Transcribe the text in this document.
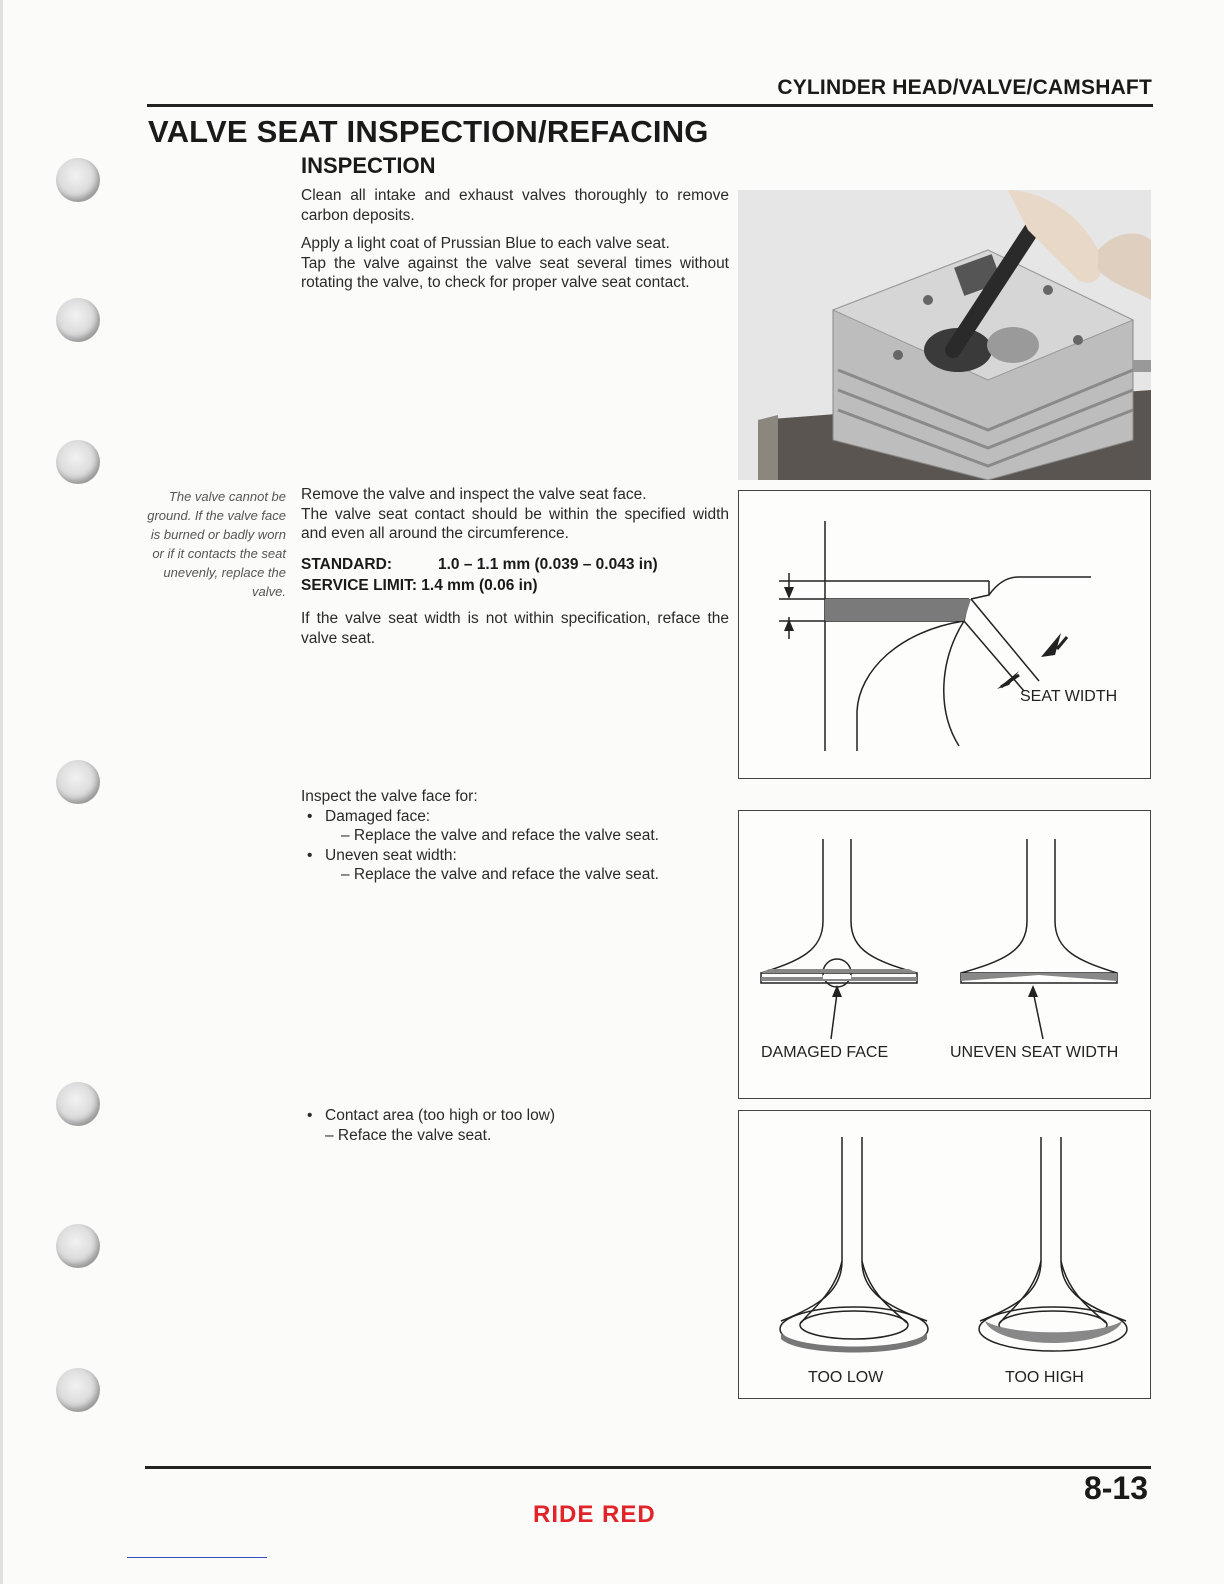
CYLINDER HEAD/VALVE/CAMSHAFT
VALVE SEAT INSPECTION/REFACING
INSPECTION

Clean all intake and exhaust valves thoroughly to remove carbon deposits.

Apply a light coat of Prussian Blue to each valve seat.

Tap the valve against the valve seat several times without rotating the valve, to check for proper valve seat contact.

The valve cannot be ground. If the valve face is burned or badly worn or if it contacts the seat unevenly, replace the valve.

Remove the valve and inspect the valve seat face.

The valve seat contact should be within the specified width and even all around the circumference.

STANDARD:	1.0 – 1.1 mm (0.039 – 0.043 in)
SERVICE LIMIT: 1.4 mm (0.06 in)

If the valve seat width is not within specification, reface the valve seat.

Inspect the valve face for:
• Damaged face:
– Replace the valve and reface the valve seat.
• Uneven seat width:
– Replace the valve and reface the valve seat.
• Contact area (too high or too low)
– Reface the valve seat.
SEAT WIDTH
DAMAGED FACE	UNEVEN SEAT WIDTH
TOO LOW	TOO HIGH
8-13
RIDE RED
